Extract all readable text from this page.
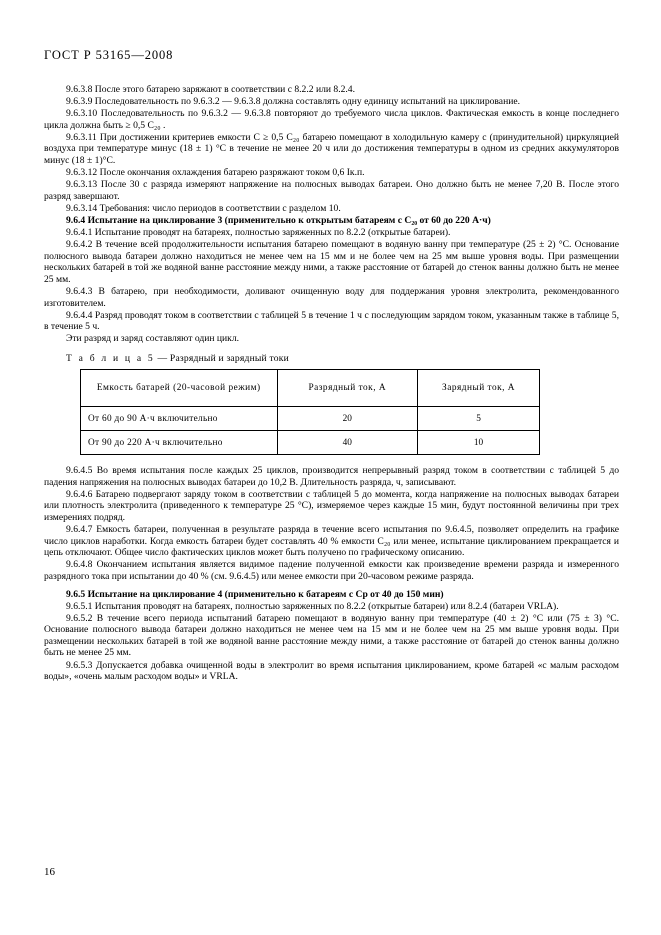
ГОСТ Р 53165—2008

9.6.3.8 После этого батарею заряжают в соответствии с 8.2.2 или 8.2.4.

9.6.3.9 Последовательность по 9.6.3.2 — 9.6.3.8 должна составлять одну единицу испытаний на циклирование.

9.6.3.10 Последовательность по 9.6.3.2 — 9.6.3.8 повторяют до требуемого числа циклов. Фактическая емкость в конце последнего цикла должна быть ≥ 0,5 C₂₀ .

9.6.3.11 При достижении критериев емкости C ≥ 0,5 C₂₀ батарею помещают в холодильную камеру с (принудительной) циркуляцией воздуха при температуре минус (18 ± 1) °С в течение не менее 20 ч или до достижения температуры в одном из средних аккумуляторов минус (18 ± 1)°С.

9.6.3.12 После окончания охлаждения батарею разряжают током 0,6 Iк.п.

9.6.3.13 После 30 с разряда измеряют напряжение на полюсных выводах батареи. Оно должно быть не менее 7,20 В. После этого разряд завершают.

9.6.3.14 Требования: число периодов в соответствии с разделом 10.

9.6.4 Испытание на циклирование 3 (применительно к открытым батареям с C₂₀ от 60 до 220 А·ч)

9.6.4.1 Испытание проводят на батареях, полностью заряженных по 8.2.2 (открытые батареи).

9.6.4.2 В течение всей продолжительности испытания батарею помещают в водяную ванну при температуре (25 ± 2) °С. Основание полюсного вывода батареи должно находиться не менее чем на 15 мм и не более чем на 25 мм выше уровня воды. При размещении нескольких батарей в той же водяной ванне расстояние между ними, а также расстояние от батарей до стенок ванны должно быть не менее 25 мм.

9.6.4.3 В батарею, при необходимости, доливают очищенную воду для поддержания уровня электролита, рекомендованного изготовителем.

9.6.4.4 Разряд проводят током в соответствии с таблицей 5 в течение 1 ч с последующим зарядом током, указанным также в таблице 5, в течение 5 ч.

Эти разряд и заряд составляют один цикл.

Т а б л и ц а 5 — Разрядный и зарядный токи
Емкость батарей (20-часовой режим)	Разрядный ток, А	Зарядный ток, А
От 60 до 90 А·ч включительно	20	5
От 90 до 220 А·ч включительно	40	10

9.6.4.5 Во время испытания после каждых 25 циклов, производится непрерывный разряд током в соответствии с таблицей 5 до падения напряжения на полюсных выводах батареи до 10,2 В. Длительность разряда, ч, записывают.

9.6.4.6 Батарею подвергают заряду током в соответствии с таблицей 5 до момента, когда напряжение на полюсных выводах батареи или плотность электролита (приведенного к температуре 25 °С), измеряемое через каждые 15 мин, будут постоянной величины при трех измерениях подряд.

9.6.4.7 Емкость батареи, полученная в результате разряда в течение всего испытания по 9.6.4.5, позволяет определить на графике число циклов наработки. Когда емкость батареи будет составлять 40 % емкости C₂₀ или менее, испытание циклированием прекращается и цепь отключают. Общее число фактических циклов может быть получено по графическому описанию.

9.6.4.8 Окончанием испытания является видимое падение полученной емкости как произведение времени разряда и измеренного разрядного тока при испытании до 40 % (см. 9.6.4.5) или менее емкости при 20-часовом режиме разряда.

9.6.5 Испытание на циклирование 4 (применительно к батареям с Cр от 40 до 150 мин)

9.6.5.1 Испытания проводят на батареях, полностью заряженных по 8.2.2 (открытые батареи) или 8.2.4 (батареи VRLA).

9.6.5.2 В течение всего периода испытаний батарею помещают в водяную ванну при температуре (40 ± 2) °С или (75 ± 3) °С. Основание полюсного вывода батареи должно находиться не менее чем на 15 мм и не более чем на 25 мм выше уровня воды. При размещении нескольких батарей в той же водяной ванне расстояние между ними, а также расстояние от батарей до стенок ванны должно быть не менее 25 мм.

9.6.5.3 Допускается добавка очищенной воды в электролит во время испытания циклированием, кроме батарей «с малым расходом воды», «очень малым расходом воды» и VRLA.

16
